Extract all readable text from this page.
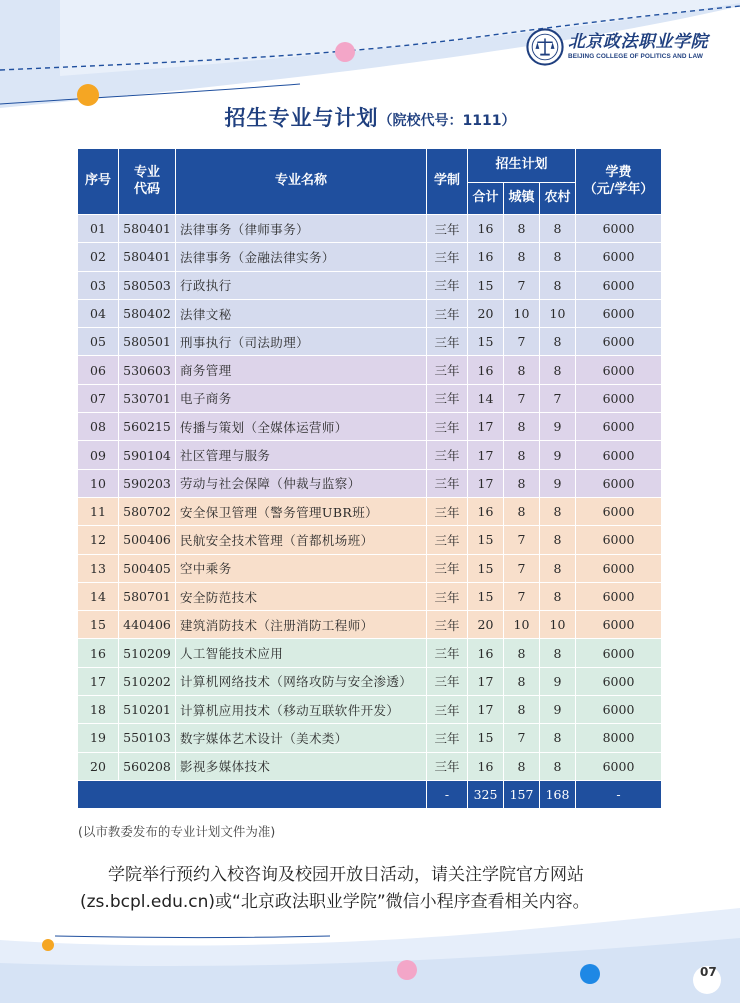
北京政法职业学院
BEIJING COLLEGE OF POLITICS AND LAW
招生专业与计划（院校代号：1111）
序号	专业代码	专业名称	学制	招生计划			学费
（元/学年）

				合计	城镇	农村	
01	580401	法律事务（律师事务）	三年	16	8	8	6000
02	580401	法律事务（金融法律实务）	三年	16	8	8	6000
03	580503	行政执行	三年	15	7	8	6000
04	580402	法律文秘	三年	20	10	10	6000
05	580501	刑事执行（司法助理）	三年	15	7	8	6000
06	530603	商务管理	三年	16	8	8	6000
07	530701	电子商务	三年	14	7	7	6000
08	560215	传播与策划（全媒体运营师）	三年	17	8	9	6000
09	590104	社区管理与服务	三年	17	8	9	6000
10	590203	劳动与社会保障（仲裁与监察）	三年	17	8	9	6000
11	580702	安全保卫管理（警务管理UBR班）	三年	16	8	8	6000
12	500406	民航安全技术管理（首都机场班）	三年	15	7	8	6000
13	500405	空中乘务	三年	15	7	8	6000
14	580701	安全防范技术	三年	15	7	8	6000
15	440406	建筑消防技术（注册消防工程师）	三年	20	10	10	6000
16	510209	人工智能技术应用	三年	16	8	8	6000
17	510202	计算机网络技术（网络攻防与安全渗透）	三年	17	8	9	6000
18	510201	计算机应用技术（移动互联软件开发）	三年	17	8	9	6000
19	550103	数字媒体艺术设计（美术类）	三年	15	7	8	8000
20	560208	影视多媒体技术	三年	16	8	8	6000
			-	325	157	168	-
(以市教委发布的专业计划文件为准)
学院举行预约入校咨询及校园开放日活动，请关注学院官方网站
(zs.bcpl.edu.cn)或“北京政法职业学院”微信小程序查看相关内容。
07
